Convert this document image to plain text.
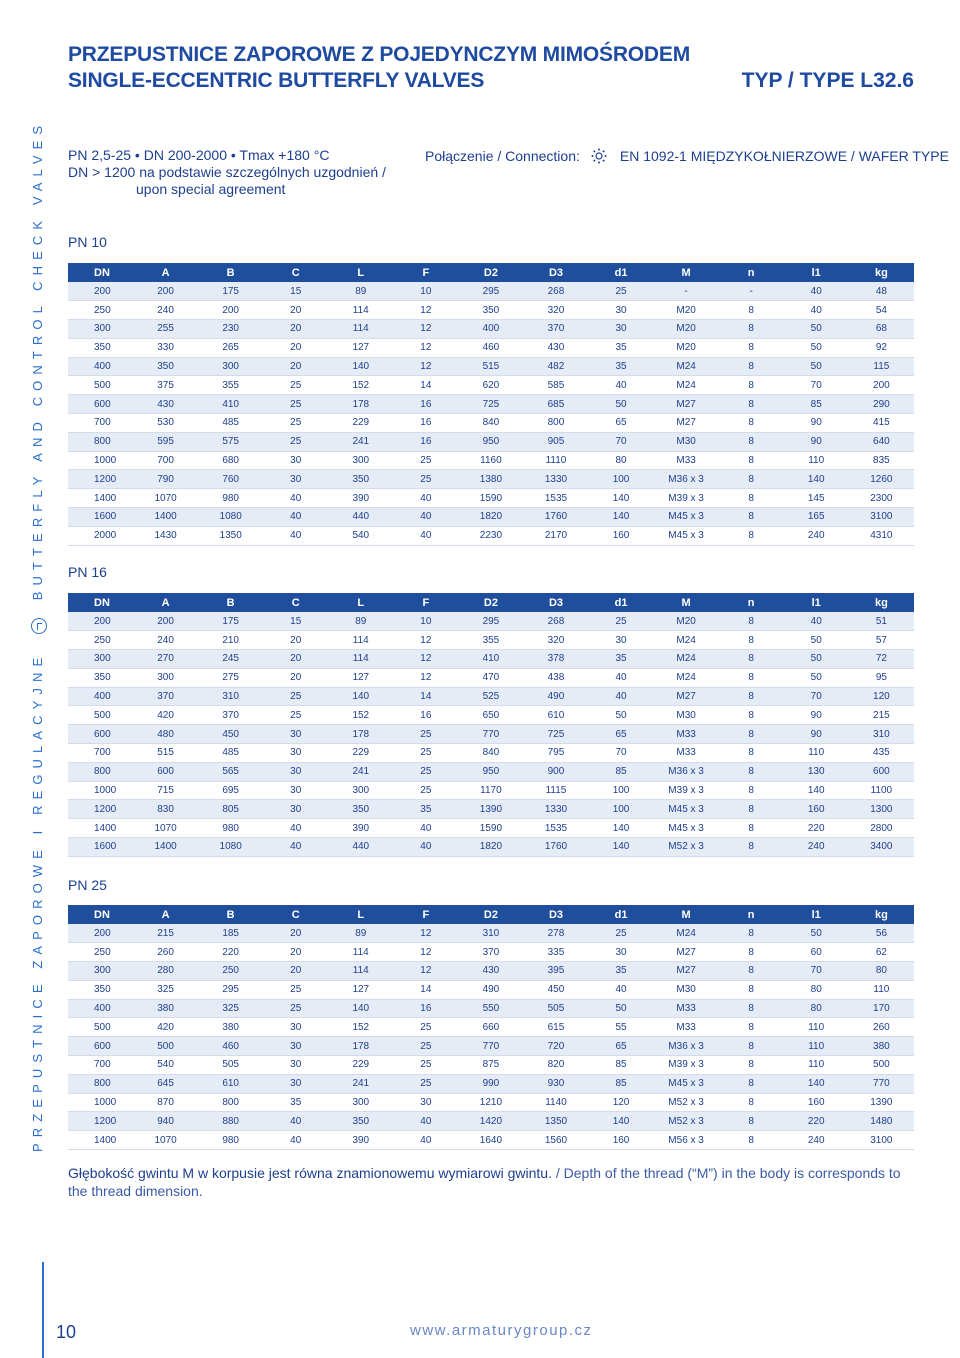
PRZEPUSTNICE ZAPOROWE Z POJEDYNCZYM MIMOŚRODEM
SINGLE-ECCENTRIC BUTTERFLY VALVES	TYP / TYPE L32.6
PN 2,5-25 • DN 200-2000 • Tmax +180 °C
DN > 1200 na podstawie szczególnych uzgodnień /
upon special agreement
Połączenie / Connection:	EN 1092-1 MIĘDZYKOŁNIERZOWE / WAFER TYPE
PRZEPUSTNICE ZAPOROWE I REGULACYJNE  BUTTERFLY AND CONTROL CHECK VALVES PN 10
DN	A	B	C	L	F	D2	D3	d1	M	n	l1	kg
200	200	175	15	89	10	295	268	25	-	-	40	48
250	240	200	20	114	12	350	320	30	M20	8	40	54
300	255	230	20	114	12	400	370	30	M20	8	50	68
350	330	265	20	127	12	460	430	35	M20	8	50	92
400	350	300	20	140	12	515	482	35	M24	8	50	115
500	375	355	25	152	14	620	585	40	M24	8	70	200
600	430	410	25	178	16	725	685	50	M27	8	85	290
700	530	485	25	229	16	840	800	65	M27	8	90	415
800	595	575	25	241	16	950	905	70	M30	8	90	640
1000	700	680	30	300	25	1160	1110	80	M33	8	110	835
1200	790	760	30	350	25	1380	1330	100	M36 x 3	8	140	1260
1400	1070	980	40	390	40	1590	1535	140	M39 x 3	8	145	2300
1600	1400	1080	40	440	40	1820	1760	140	M45 x 3	8	165	3100
2000	1430	1350	40	540	40	2230	2170	160	M45 x 3	8	240	4310
PN 16
DN	A	B	C	L	F	D2	D3	d1	M	n	l1	kg
200	200	175	15	89	10	295	268	25	M20	8	40	51
250	240	210	20	114	12	355	320	30	M24	8	50	57
300	270	245	20	114	12	410	378	35	M24	8	50	72
350	300	275	20	127	12	470	438	40	M24	8	50	95
400	370	310	25	140	14	525	490	40	M27	8	70	120
500	420	370	25	152	16	650	610	50	M30	8	90	215
600	480	450	30	178	25	770	725	65	M33	8	90	310
700	515	485	30	229	25	840	795	70	M33	8	110	435
800	600	565	30	241	25	950	900	85	M36 x 3	8	130	600
1000	715	695	30	300	25	1170	1115	100	M39 x 3	8	140	1100
1200	830	805	30	350	35	1390	1330	100	M45 x 3	8	160	1300
1400	1070	980	40	390	40	1590	1535	140	M45 x 3	8	220	2800
1600	1400	1080	40	440	40	1820	1760	140	M52 x 3	8	240	3400
PN 25
DN	A	B	C	L	F	D2	D3	d1	M	n	l1	kg
200	215	185	20	89	12	310	278	25	M24	8	50	56
250	260	220	20	114	12	370	335	30	M27	8	60	62
300	280	250	20	114	12	430	395	35	M27	8	70	80
350	325	295	25	127	14	490	450	40	M30	8	80	110
400	380	325	25	140	16	550	505	50	M33	8	80	170
500	420	380	30	152	25	660	615	55	M33	8	110	260
600	500	460	30	178	25	770	720	65	M36 x 3	8	110	380
700	540	505	30	229	25	875	820	85	M39 x 3	8	110	500
800	645	610	30	241	25	990	930	85	M45 x 3	8	140	770
1000	870	800	35	300	30	1210	1140	120	M52 x 3	8	160	1390
1200	940	880	40	350	40	1420	1350	140	M52 x 3	8	220	1480
1400	1070	980	40	390	40	1640	1560	160	M56 x 3	8	240	3100
Głębokość gwintu M w korpusie jest równa znamionowemu wymiarowi gwintu. / Depth of the thread (“M”) in the body is corresponds to the thread dimension.
10	www.armaturygroup.cz
